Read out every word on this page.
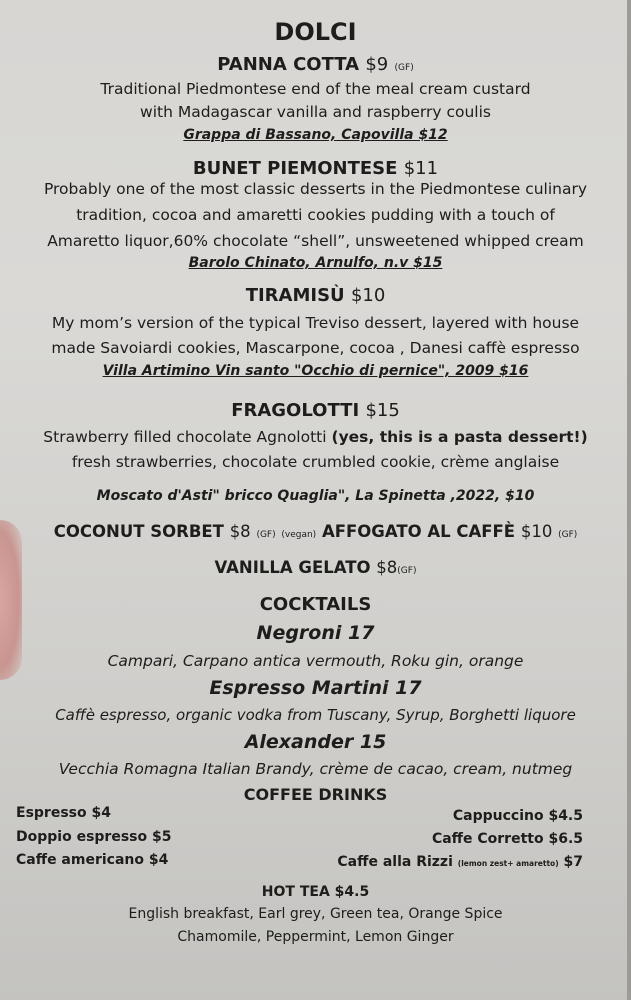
DOLCI
PANNA COTTA $9 (GF)
Traditional Piedmontese end of the meal cream custard
with Madagascar vanilla and raspberry coulis
Grappa di Bassano, Capovilla $12
BUNET PIEMONTESE $11
Probably one of the most classic desserts in the Piedmontese culinary
tradition, cocoa and amaretti cookies pudding with a touch of
Amaretto liquor,60% chocolate “shell”, unsweetened whipped cream
Barolo Chinato, Arnulfo, n.v $15
TIRAMISÙ $10
My mom’s version of the typical Treviso dessert, layered with house
made Savoiardi cookies, Mascarpone, cocoa , Danesi caffè espresso
Villa Artimino Vin santo "Occhio di pernice", 2009 $16
FRAGOLOTTI $15
Strawberry filled chocolate Agnolotti (yes, this is a pasta dessert!)
fresh strawberries, chocolate crumbled cookie, crème anglaise
Moscato d'Asti" bricco Quaglia", La Spinetta ,2022, $10
COCONUT SORBET $8 (GF) (vegan) AFFOGATO AL CAFFÈ $10 (GF)
VANILLA GELATO $8(GF)
COCKTAILS
Negroni 17
Campari, Carpano antica vermouth, Roku gin, orange
Espresso Martini 17
Caffè espresso, organic vodka from Tuscany, Syrup, Borghetti liquore
Alexander 15
Vecchia Romagna Italian Brandy, crème de cacao, cream, nutmeg
COFFEE DRINKS
Espresso $4
Doppio espresso $5
Caffe americano $4
Cappuccino $4.5
Caffe Corretto $6.5
Caffe alla Rizzi (lemon zest+ amaretto) $7
HOT TEA $4.5
English breakfast, Earl grey, Green tea, Orange Spice
Chamomile, Peppermint, Lemon Ginger
